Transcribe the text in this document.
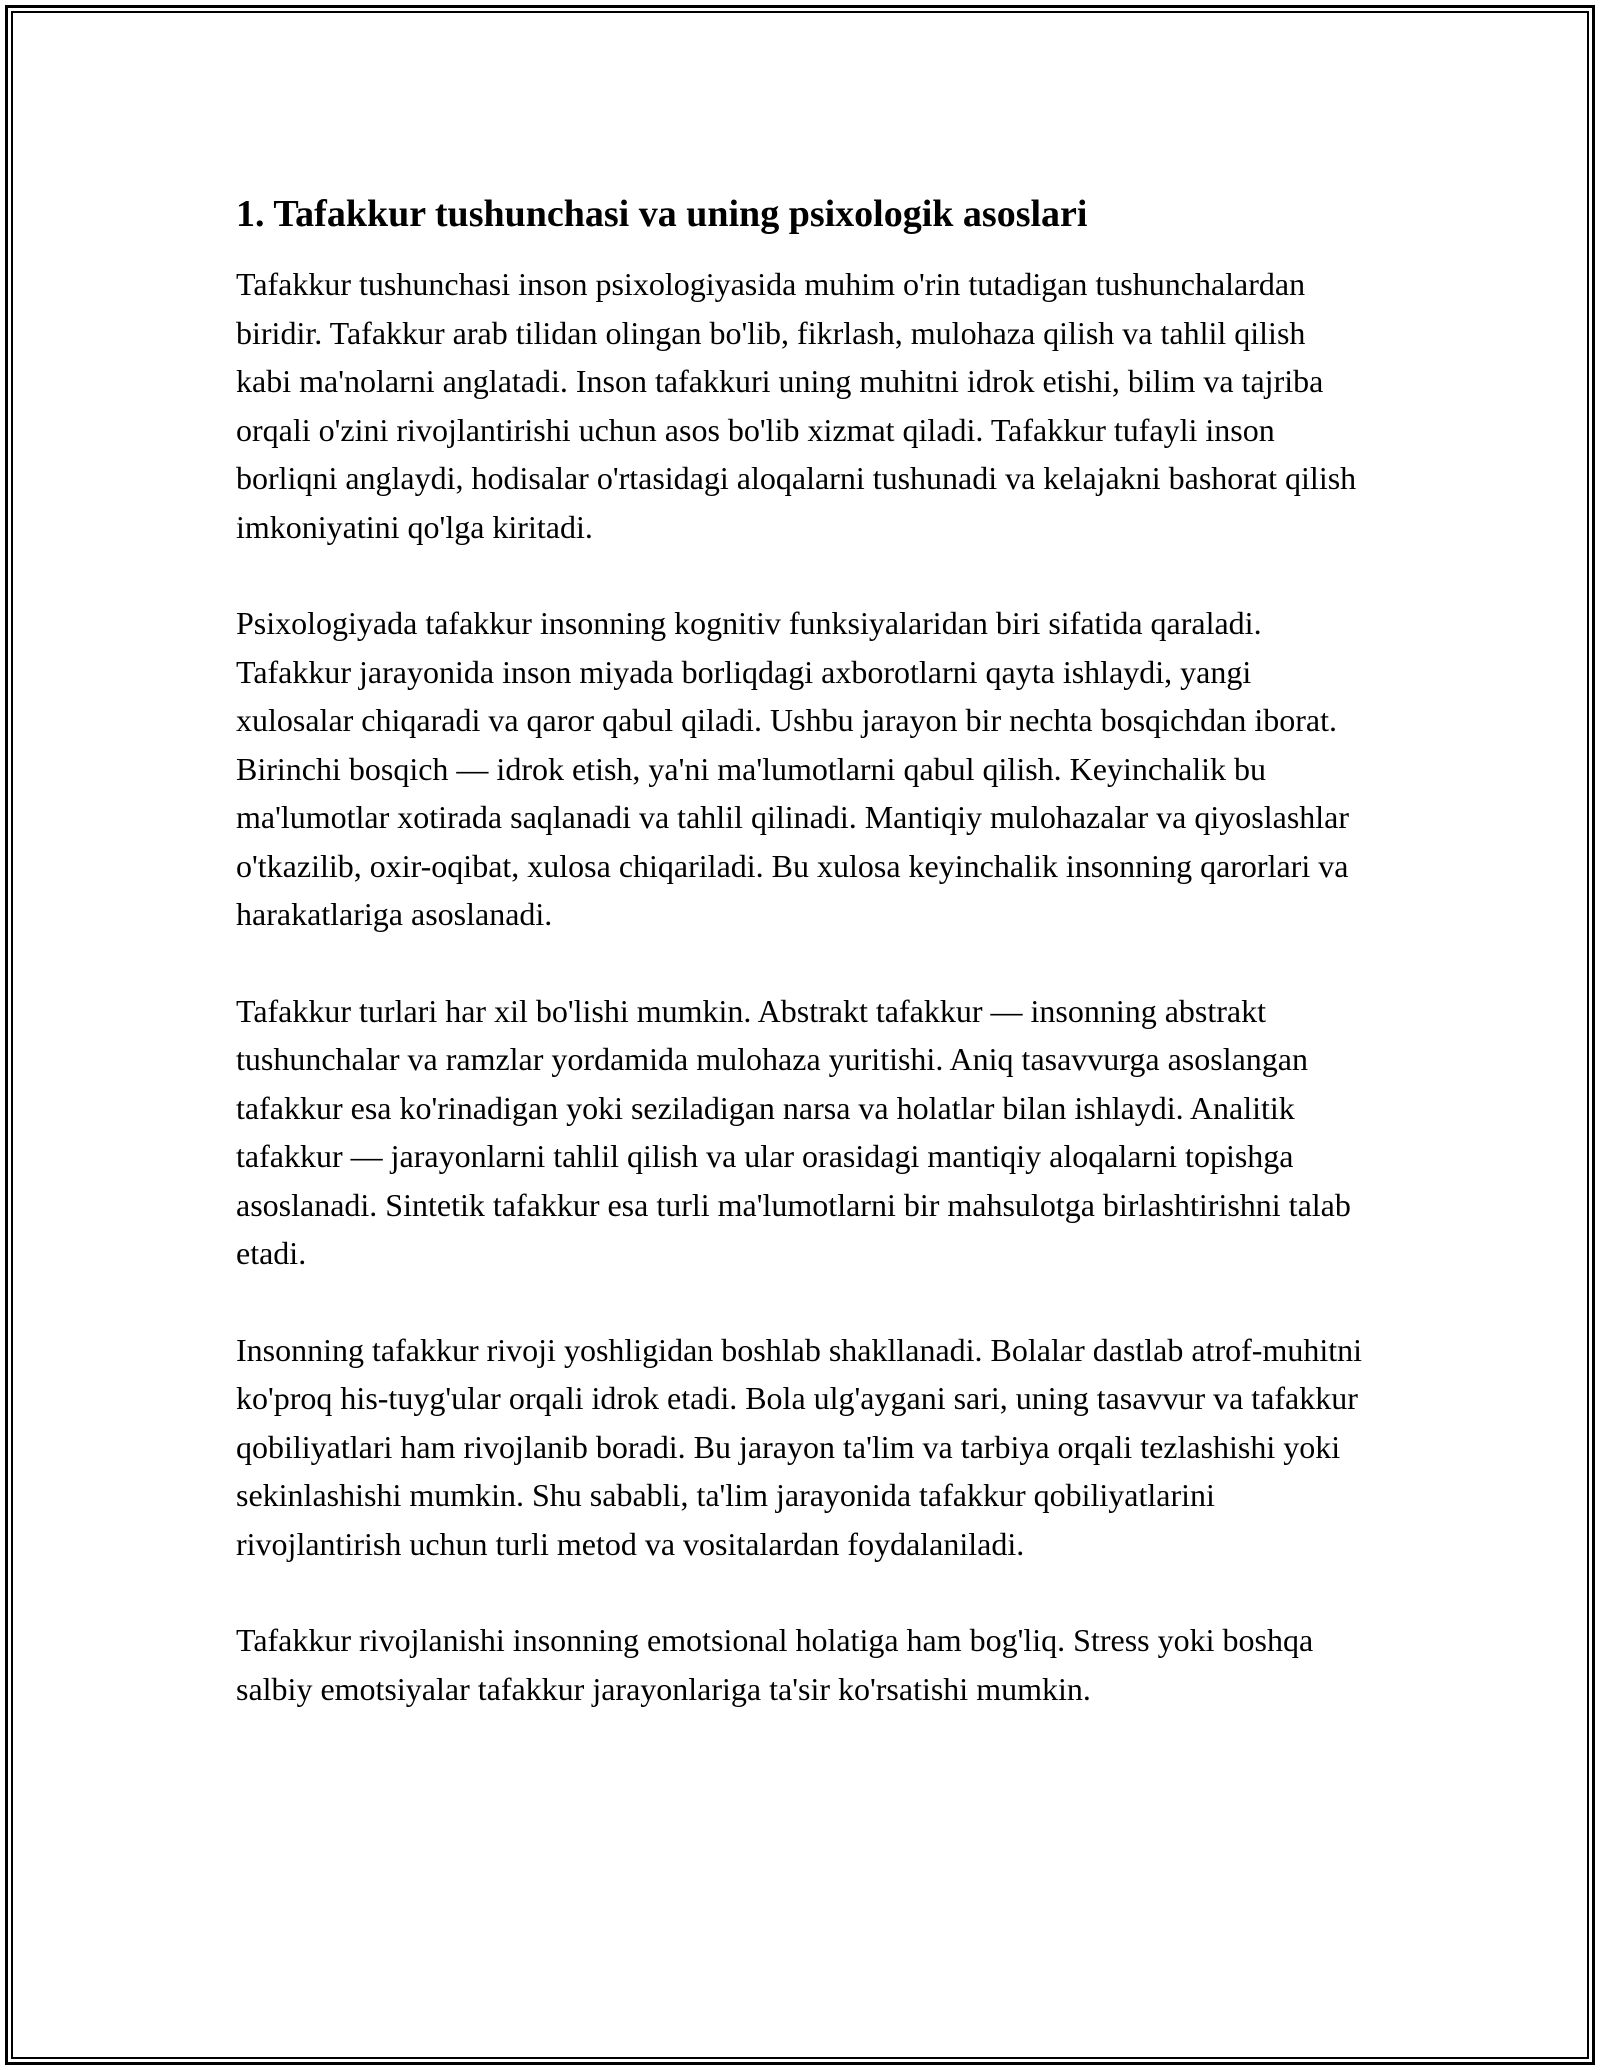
1. Tafakkur tushunchasi va uning psixologik asoslari

Tafakkur tushunchasi inson psixologiyasida muhim o'rin tutadigan tushunchalardan biridir. Tafakkur arab tilidan olingan bo'lib, fikrlash, mulohaza qilish va tahlil qilish kabi ma'nolarni anglatadi. Inson tafakkuri uning muhitni idrok etishi, bilim va tajriba orqali o'zini rivojlantirishi uchun asos bo'lib xizmat qiladi. Tafakkur tufayli inson borliqni anglaydi, hodisalar o'rtasidagi aloqalarni tushunadi va kelajakni bashorat qilish imkoniyatini qo'lga kiritadi.

Psixologiyada tafakkur insonning kognitiv funksiyalaridan biri sifatida qaraladi. Tafakkur jarayonida inson miyada borliqdagi axborotlarni qayta ishlaydi, yangi xulosalar chiqaradi va qaror qabul qiladi. Ushbu jarayon bir nechta bosqichdan iborat. Birinchi bosqich — idrok etish, ya'ni ma'lumotlarni qabul qilish. Keyinchalik bu ma'lumotlar xotirada saqlanadi va tahlil qilinadi. Mantiqiy mulohazalar va qiyoslashlar o'tkazilib, oxir-oqibat, xulosa chiqariladi. Bu xulosa keyinchalik insonning qarorlari va harakatlariga asoslanadi.

Tafakkur turlari har xil bo'lishi mumkin. Abstrakt tafakkur — insonning abstrakt tushunchalar va ramzlar yordamida mulohaza yuritishi. Aniq tasavvurga asoslangan tafakkur esa ko'rinadigan yoki seziladigan narsa va holatlar bilan ishlaydi. Analitik tafakkur — jarayonlarni tahlil qilish va ular orasidagi mantiqiy aloqalarni topishga asoslanadi. Sintetik tafakkur esa turli ma'lumotlarni bir mahsulotga birlashtirishni talab etadi.

Insonning tafakkur rivoji yoshligidan boshlab shakllanadi. Bolalar dastlab atrof-muhitni ko'proq his-tuyg'ular orqali idrok etadi. Bola ulg'aygani sari, uning tasavvur va tafakkur qobiliyatlari ham rivojlanib boradi. Bu jarayon ta'lim va tarbiya orqali tezlashishi yoki sekinlashishi mumkin. Shu sababli, ta'lim jarayonida tafakkur qobiliyatlarini rivojlantirish uchun turli metod va vositalardan foydalaniladi.

Tafakkur rivojlanishi insonning emotsional holatiga ham bog'liq. Stress yoki boshqa salbiy emotsiyalar tafakkur jarayonlariga ta'sir ko'rsatishi mumkin.
